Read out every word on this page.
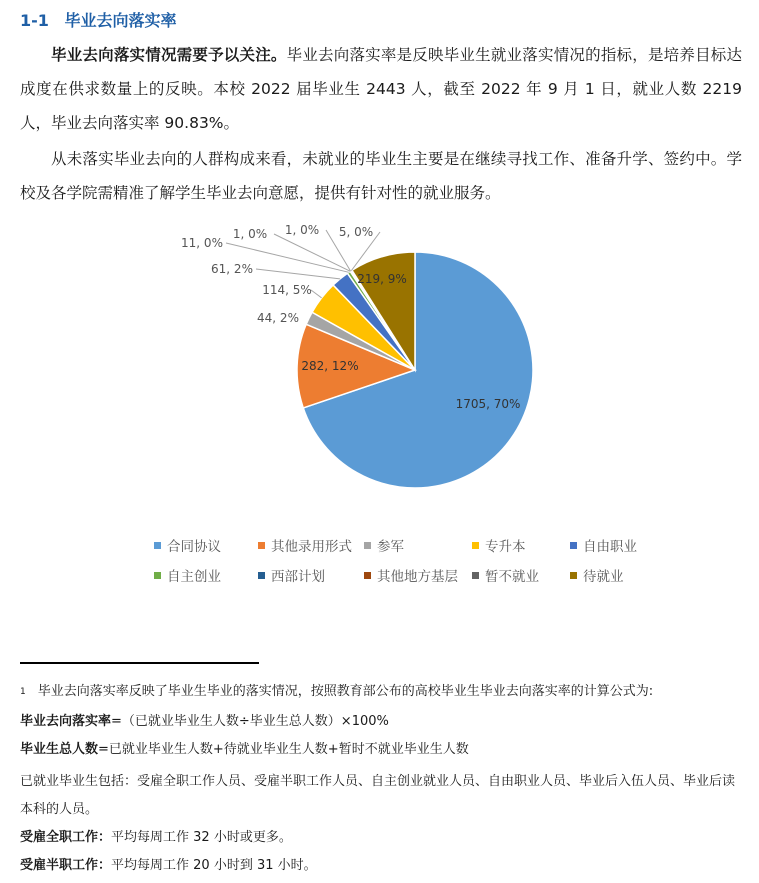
1-1 毕业去向落实率

毕业去向落实情况需要予以关注。毕业去向落实率是反映毕业生就业落实情况的指标，是培养目标达成度在供求数量上的反映。本校 2022 届毕业生 2443 人，截至 2022 年 9 月 1 日，就业人数 2219 人，毕业去向落实率 90.83%。

从未落实毕业去向的人群构成来看，未就业的毕业生主要是在继续寻找工作、准备升学、签约中。学校及各学院需精准了解学生毕业去向意愿，提供有针对性的就业服务。

1705, 70%
282, 12%
44, 2%
114, 5%
61, 2%
11, 0%
1, 0% 1, 0% 5, 0%
219, 9%
合同协议	其他录用形式 参军	专升本	自由职业
自主创业	西部计划	其他地方基层 暂不就业	待就业

$^1$ 毕业去向落实率反映了毕业生毕业的落实情况，按照教育部公布的高校毕业生毕业去向落实率的计算公式为:

毕业去向落实率=（已就业毕业生人数÷毕业生总人数）×100%

毕业生总人数=已就业毕业生人数+待就业毕业生人数+暂时不就业毕业生人数

已就业毕业生包括：受雇全职工作人员、受雇半职工作人员、自主创业就业人员、自由职业人员、毕业后入伍人员、毕业后读本科的人员。

受雇全职工作：平均每周工作 32 小时或更多。

受雇半职工作：平均每周工作 20 小时到 31 小时。
